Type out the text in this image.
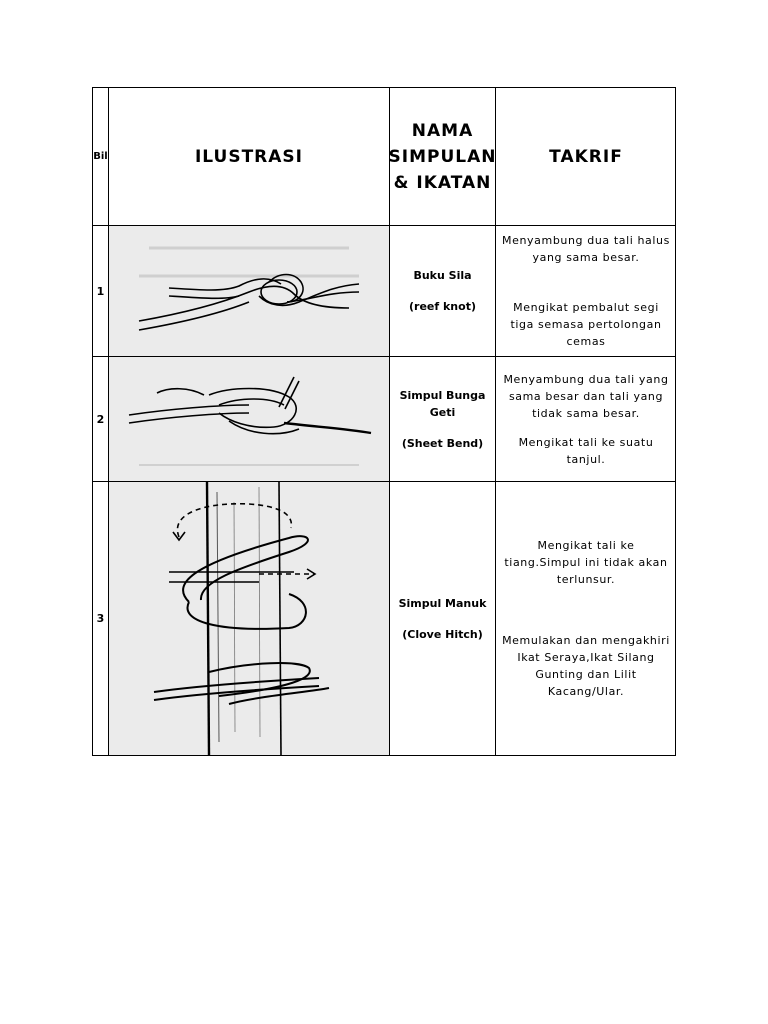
Bil	ILUSTRASI
NAMA
SIMPULAN
& IKATAN
TAKRIF
1
Buku Sila
(reef knot)
Menyambung dua tali halus yang sama besar.
Mengikat pembalut segi tiga semasa pertolongan cemas
2
Simpul Bunga Geti
(Sheet Bend)
Menyambung dua tali yang sama besar dan tali yang tidak sama besar.
Mengikat tali ke suatu tanjul.
3
Simpul Manuk
(Clove Hitch)
Mengikat tali ke tiang.Simpul ini tidak akan terlunsur.
Memulakan dan mengakhiri Ikat Seraya,Ikat Silang Gunting dan Lilit Kacang/Ular.
